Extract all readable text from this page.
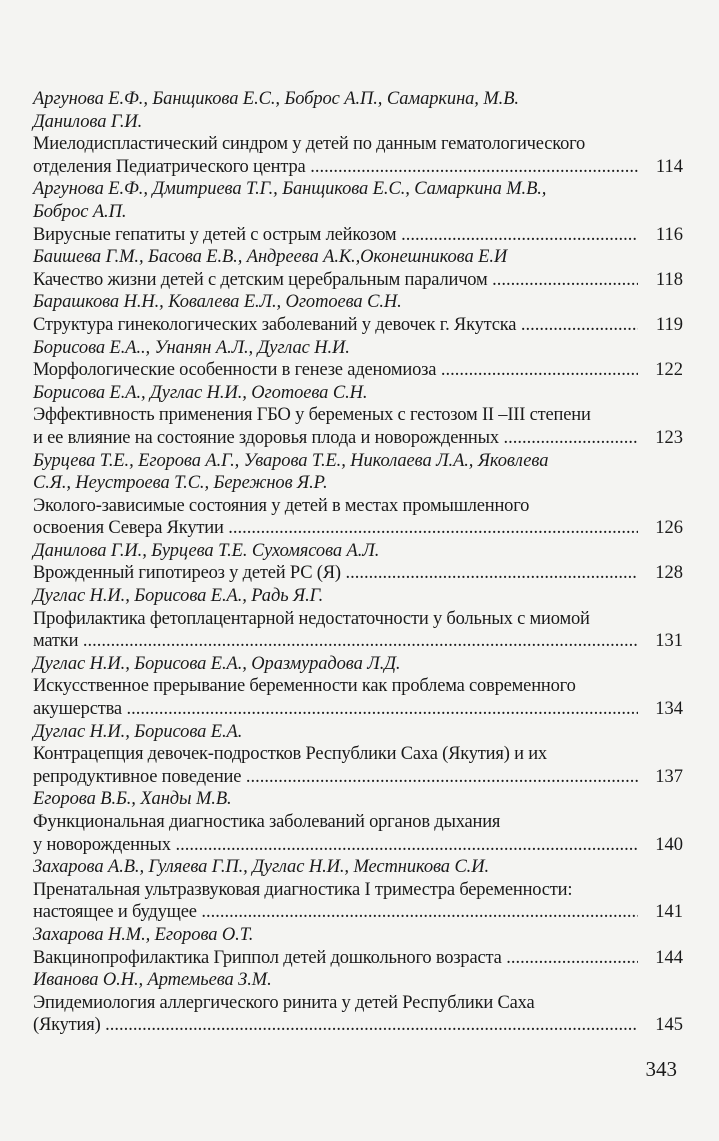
Аргунова Е.Ф., Банщикова Е.С., Боброс А.П., Самаркина, М.В.

Данилова Г.И.

Миелодиспластический синдром у детей по данным гематологического
отделения Педиатрического центра .....	114

Аргунова Е.Ф., Дмитриева Т.Г., Банщикова Е.С., Самаркина М.В.,

Боброс А.П.

Вирусные гепатиты у детей с острым лейкозом .....	116

Баишева Г.М., Басова Е.В., Андреева А.К.,Оконешникова Е.И

Качество жизни детей с детским церебральным параличом .....	118

Барашкова Н.Н., Ковалева Е.Л., Оготоева С.Н.

Структура гинекологических заболеваний у девочек г. Якутска .....	119

Борисова Е.А.., Унанян А.Л., Дуглас Н.И.

Морфологические особенности в генезе аденомиоза .....	122

Борисова Е.А., Дуглас Н.И., Оготоева С.Н.

Эффективность применения ГБО у беременых с гестозом II –III степени
и ее влияние на состояние здоровья плода и новорожденных .....	123

Бурцева Т.Е., Егорова А.Г., Уварова Т.Е., Николаева Л.А., Яковлева

С.Я., Неустроева Т.С., Бережнов Я.Р.

Эколого-зависимые состояния у детей в местах промышленного
освоения Севера Якутии .....	126

Данилова Г.И., Бурцева Т.Е. Сухомясова А.Л.

Врожденный гипотиреоз у детей РС (Я) .....	128

Дуглас Н.И., Борисова Е.А., Радь Я.Г.

Профилактика фетоплацентарной недостаточности у больных с миомой
матки .....	131

Дуглас Н.И., Борисова Е.А., Оразмурадова Л.Д.

Искусственное прерывание беременности как проблема современного
акушерства .....	134

Дуглас Н.И., Борисова Е.А.

Контрацепция девочек-подростков Республики Саха (Якутия) и их
репродуктивное поведение .....	137

Егорова В.Б., Ханды М.В.

Функциональная диагностика заболеваний органов дыхания
у новорожденных .....	140

Захарова А.В., Гуляева Г.П., Дуглас Н.И., Местникова С.И.

Пренатальная ультразвуковая диагностика I триместра беременности:
настоящее и будущее .....	141

Захарова Н.М., Егорова О.Т.

Вакцинопрофилактика Гриппол детей дошкольного возраста .....	144

Иванова О.Н., Артемьева З.М.

Эпидемиология аллергического ринита у детей Республики Саха
(Якутия) .....	145
343
